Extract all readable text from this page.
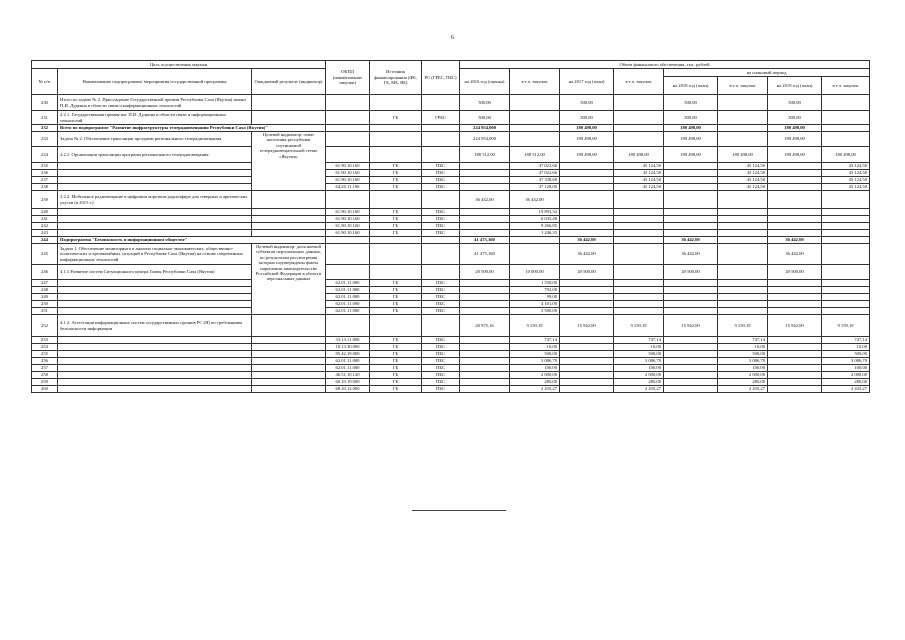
6
Цель осуществления закупки			ОКПД (наименование закупки)	Источник финансирования (ФБ, ГБ, МБ, ВБ)	РС (ГРБС, ПБС)	Объем финансового обеспечения, тыс. рублей							
№ п/п	Наименование подпрограммы/ мероприятия государственной программы	Ожидаемый результат (индикатор)				на 2016 год (оценка)	в т.ч. закупок	на 2017 год (план)	в т.ч. закупок	на плановый период			
										на 2018 год (план)	в т.ч. закупок	на 2019 год (план)	в т.ч. закупок
230	Итого по задаче № 2. Присуждение Государственной премии Республики Саха (Якутия) имени П.И. Дудкина в области связи и информационных технологий					500,00		500,00		500,00		500,00	
231	2.2.1. Государственная премия им. П.И. Дудкина в области связи и информационных технологий			ГБ	ГРБС	500,00		500,00		500,00		500,00	
232	Всего по подпрограмме "Развитие инфраструктуры телерадиовещания Республики Саха (Якутия)"					224 954,000		180 498,00		180 498,00		180 498,00	
233	Задача № 2. Обеспечение трансляции программ регионального телерадиовещания	Целевой индикатор: охват населения республики спутниковой телерадиовещательной сетью «Якутия»				224 954,000		180 498,00		180 498,00		180 498,00	
234	3.2.1. Организация трансляции программ регионального телерадиовещания					188 512,00	188 512,00	180 498,00	180 498,00	180 498,00	180 498,00	180 498,00	180 498,00
235			61.90.10.160	ГБ	ПБС		47 022,66		45 124,50		45 124,50		45 124,50
236			61.90.10.160	ГБ	ПБС		47 022,66		45 124,50		45 124,50		45 124,50
237			61.90.10.160	ГБ	ПБС		47 338,68		45 124,50		45 124,50		45 124,50
238			64.20.11.190	ГБ	ПБС		47 128,00		45 124,50		45 124,50		45 124,50
239	3.2.2. Мобильное радиовещание в цифровом коротком радиоэфире для северных и арктических улусов (в 2015 г.)					36 442,00	36 442,00						
240			61.90.10.160	ГБ	ПБС		19 893,32						
241			61.90.10.160	ГБ	ПБС		6 035,48						
242			61.90.10.160	ГБ	ПБС		9 266,85						
243			61.90.10.160	ГБ	ПБС		1 246,35						
244	Подпрограмма "Безопасность в информационном обществе"					41 475,160		36 442,00		36 442,00		36 442,00	
245	Задача 1. Обеспечение мониторинга и анализа социально-экономических, общественно-политических и чрезвычайных ситуаций в Республике Саха (Якутия) на основе современных информационных технологий	Целевой индикатор: доля наемой субъектов персональных данных, по результатам рассмотрения которых подтверждены факты нарушения законодательства Российской Федерации в области персональных данных				41 475,160		36 442,00		36 442,00		36 442,00	
246	4.1.1.Развитие систем Ситуационного центра Главы Республики Саха (Якутия)					20 500,00	10 000,00	20 500,00		20 500,00		20 500,00	
247			62.01.11.000	ГБ	ПБС		1 550,00						
248			62.01.11.000	ГБ	ПБС		792,00						
249			62.01.11.000	ГБ	ПБС		99,00						
250			62.01.11.000	ГБ	ПБС		4 101,00						
251			62.01.11.000	ГБ	ПБС		3 500,00						
252	4.1.2. Аттестация информационных систем государственных органов РС (Я) по требованиям безопасности информации					20 975,16	9 159,19	15 942,00	9 159,19	15 942,00	9 159,19	15 942,00	9 159,19
253			33.13.11.000	ГБ	ПБС		747,14		747,14		747,14		747,14
254			18.13.30.000	ГБ	ПБС		10,00		10,00		10,00		10,00
255			85.42.19.000	ГБ	ПБС		500,00		500,00		500,00		500,00
256			62.01.11.000	ГБ	ПБС		3 086,79		3 086,79		3 086,79		3 086,79
257			62.01.11.000	ГБ	ПБС		100,00		100,00		100,00		100,00
258			46.51.10.120	ГБ	ПБС		2 000,00		2 000,00		2 000,00		2 000,00
259			60.10.19.000	ГБ	ПБС		280,00		280,00		280,00		280,00
260			68.20.12.000	ГБ	ПБС		2 435,27		2 435,27		2 435,27		2 435,27
